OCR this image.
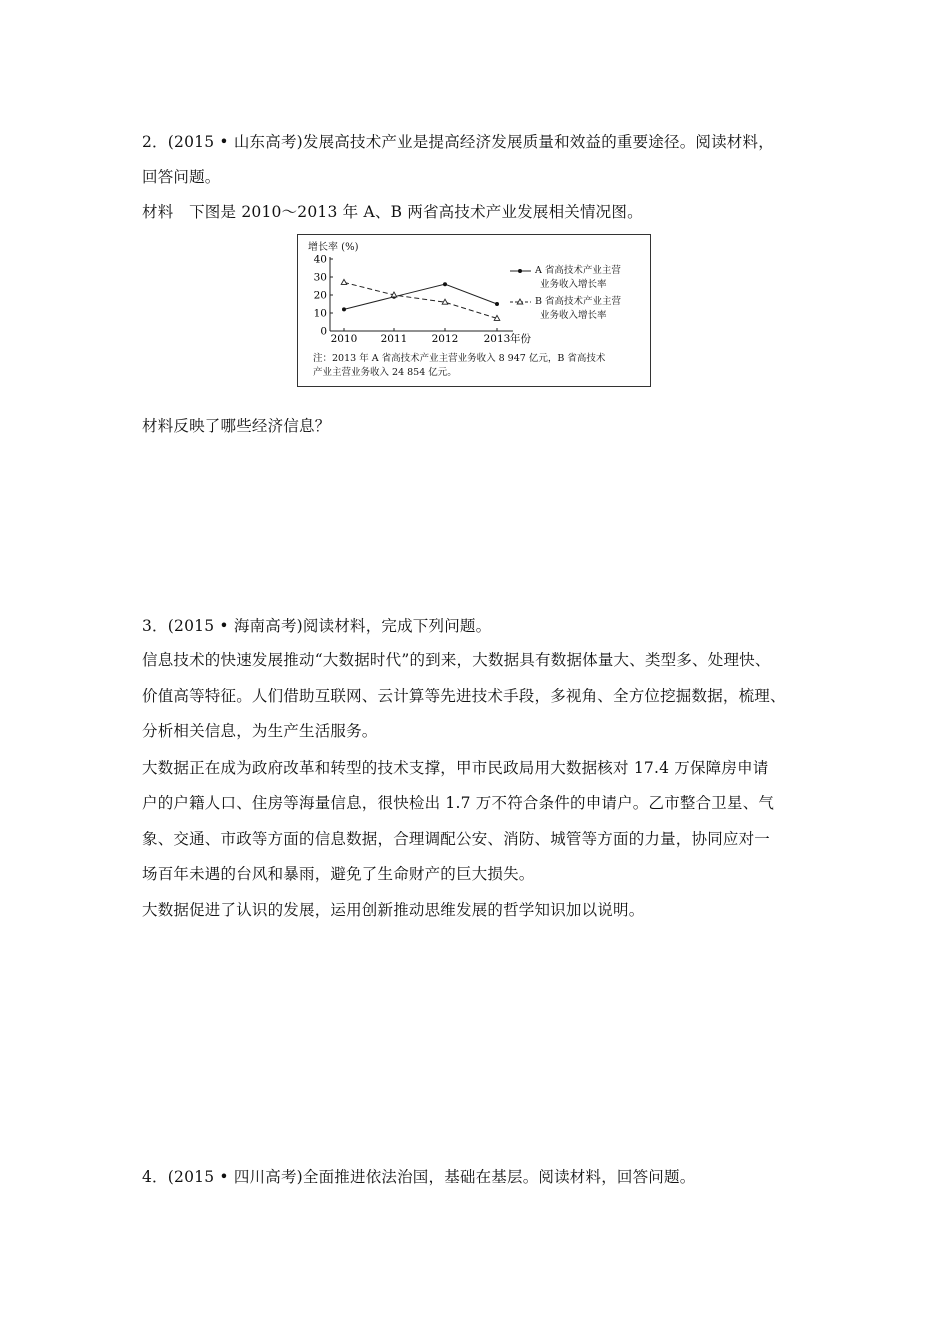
2．(2015 • 山东高考)发展高技术产业是提高经济发展质量和效益的重要途径。阅读材料，
回答问题。
材料　下图是 2010～2013 年 A、B 两省高技术产业发展相关情况图。
增长率 (%)
40
30
20
10
0
2010 2011 2012 2013 年份
A 省高技术产业主营
业务收入增长率
B 省高技术产业主营
业务收入增长率
注：2013 年 A 省高技术产业主营业务收入 8 947 亿元，B 省高技术
产业主营业务收入 24 854 亿元。
材料反映了哪些经济信息？
3．(2015 • 海南高考)阅读材料，完成下列问题。
信息技术的快速发展推动“大数据时代”的到来，大数据具有数据体量大、类型多、处理快、
价值高等特征。人们借助互联网、云计算等先进技术手段，多视角、全方位挖掘数据，梳理、
分析相关信息，为生产生活服务。
大数据正在成为政府改革和转型的技术支撑，甲市民政局用大数据核对 17.4 万保障房申请
户的户籍人口、住房等海量信息，很快检出 1.7 万不符合条件的申请户。乙市整合卫星、气
象、交通、市政等方面的信息数据，合理调配公安、消防、城管等方面的力量，协同应对一
场百年未遇的台风和暴雨，避免了生命财产的巨大损失。
大数据促进了认识的发展，运用创新推动思维发展的哲学知识加以说明。
4．(2015 • 四川高考)全面推进依法治国，基础在基层。阅读材料，回答问题。
